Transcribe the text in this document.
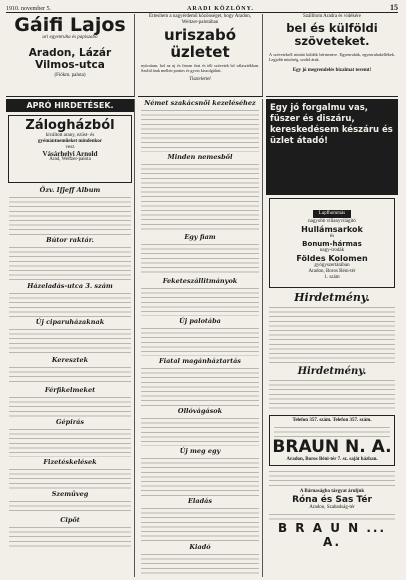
1910. november 5.	ARADI KÖZLÖNY.	15
Gáifi Lajos
uri egyenruha és papiszabó
Aradon, Lázár Vilmos-utca
(Fiókm. palota)
Értesítem a nagyérdemű közönséget, hogy Aradon, Weitzer-palotában
uriszabó üzletet
nyitottam, hol az uj és finom őszi és téli szövetek bő választékban. Szolid árak mellett pontos és gyors kiszolgálást.
Tisztelettel
Szállítom Aradra és vidékére
bel és külföldi szöveteket.
A szövetekről mintát küldök bérmentve. Egyenruhák, egyenruhakellékek. Legjobb minőség, szolid árak.
Egy jó megrendelés bizalmat teremt!
APRÓ HIRDETÉSEK.
Zálogházból
kiváltott arany, ezüst- és
gyémántneműeket mindenkor
vesz
Vásárhelyi Arnold
Arad, Weitzer-palota
Özv. Ifjeff Album
Bútor raktár.
Házeladás-utca 3. szám
Új ciparuházaknak
Keresztek
Férfikelmeket
Gépirás
Fizetéskelések
Szemüveg
Cipőt
Német szakácsnői kezeléséhez
Minden nemesből
Egy fiam
Feketeszállitmányok
Új palotába
Fiatal magánháztartás
Ollóvágások
Új meg egy
Eladás
Kiadó
Egy jó forgalmu vas, füszer és diszáru, kereskedésem készáru és üzlet átadó!
Lapfhommás
nagyobb villanyvilágitó
Hullámsarkok
és
Bonum-hármas
nagy-irodák
Földes Kolomen
gyógyszertárában
Aradon, Boros Béni-tér
1. szám
Hirdetmény.
Hirdetmény.
Telefon 357. szám. Telefon 357. szám.
BRAUN N. A.
Aradon, Boros Béni-tér 7. sz. saját házban.
A Bárnaságba tárgyat áruljuk
Róna és Sas Tér
Aradon, Szabadság-tér
B R A U N ... A.
